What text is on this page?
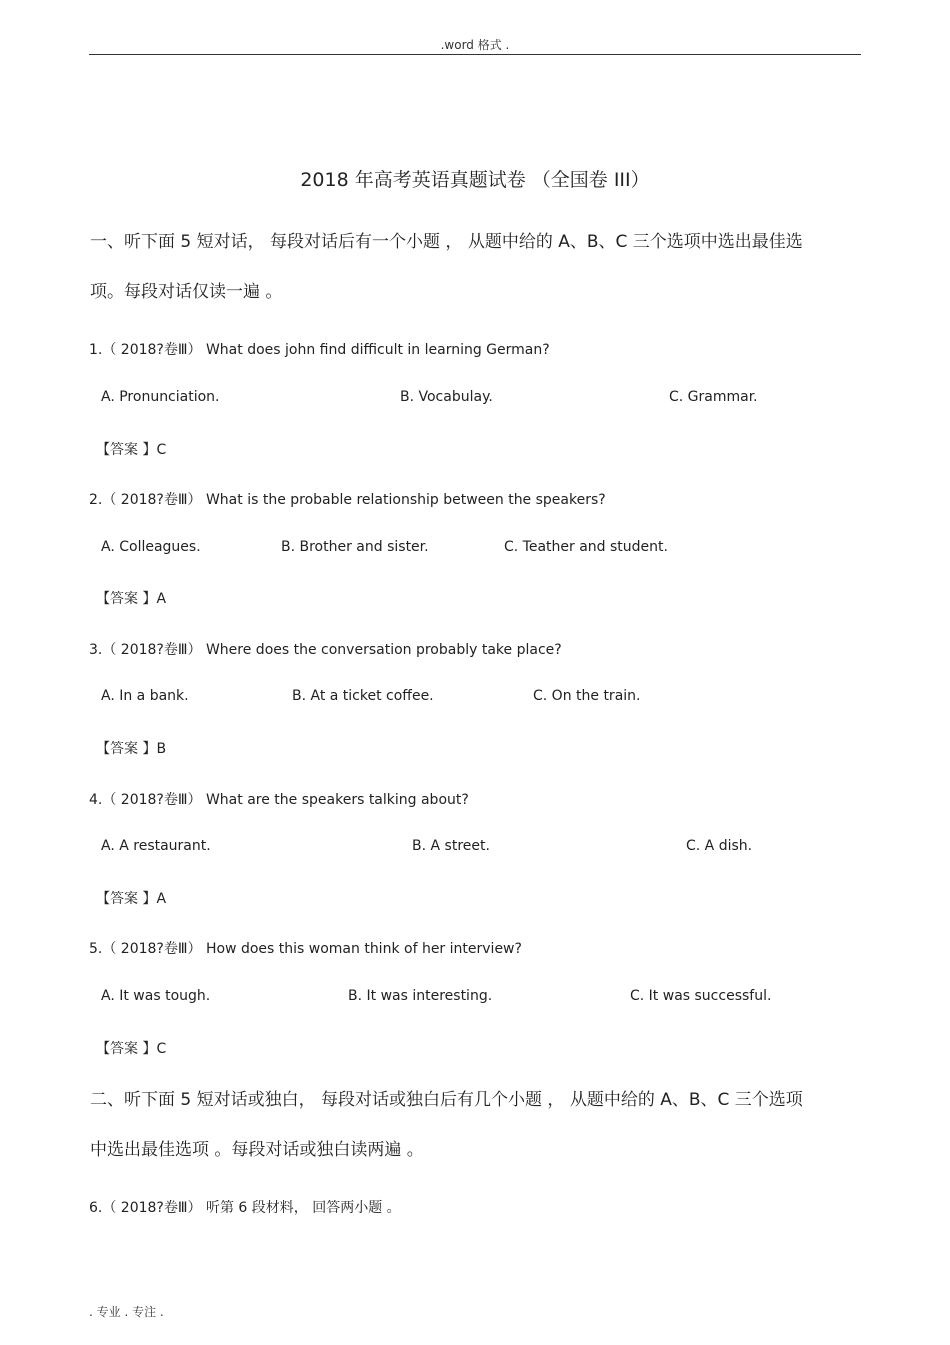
.word 格式 .
2018 年高考英语真题试卷 （全国卷 III）
一、听下面 5 短对话， 每段对话后有一个小题 ， 从题中给的 A、B、C 三个选项中选出最佳选
项。每段对话仅读一遍 。
1.（ 2018?卷Ⅲ） What does john find difficult in learning German?
A. Pronunciation.	B. Vocabulay.	C. Grammar.
【答案 】C
2.（ 2018?卷Ⅲ） What is the probable relationship between the speakers?
A. Colleagues.	B. Brother and sister.	C. Teather and student.
【答案 】A
3.（ 2018?卷Ⅲ） Where does the conversation probably take place?
A. In a bank.	B. At a ticket coffee.	C. On the train.
【答案 】B
4.（ 2018?卷Ⅲ） What are the speakers talking about?
A. A restaurant.	B. A street.	C. A dish.
【答案 】A
5.（ 2018?卷Ⅲ） How does this woman think of her interview?
A. It was tough.	B. It was interesting.	C. It was successful.
【答案 】C
二、听下面 5 短对话或独白， 每段对话或独白后有几个小题 ， 从题中给的 A、B、C 三个选项
中选出最佳选项 。每段对话或独白读两遍 。
6.（ 2018?卷Ⅲ） 听第 6 段材料， 回答两小题 。
. 专业 . 专注 .
